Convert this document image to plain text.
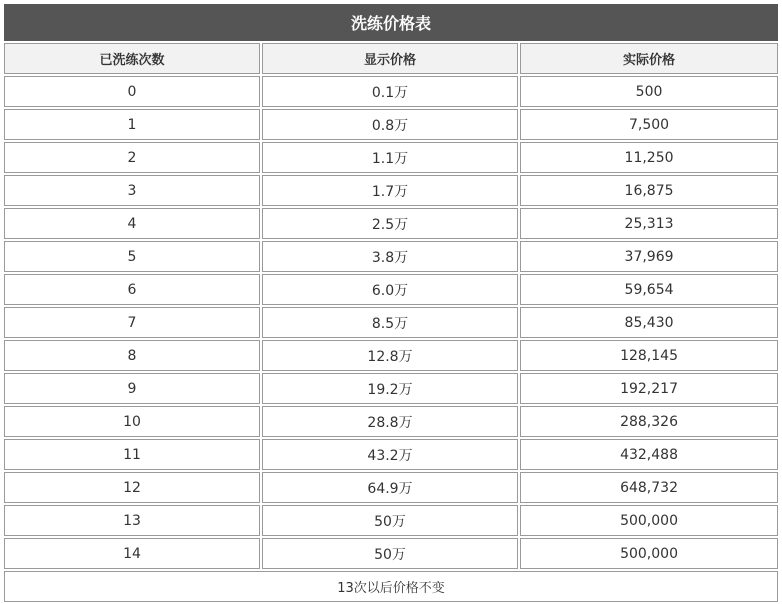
洗练价格表				

已洗练次数		显示价格		实际价格

0		0.1万		500

1		0.8万		7,500

2		1.1万		11,250

3		1.7万		16,875

4		2.5万		25,313

5		3.8万		37,969

6		6.0万		59,654

7		8.5万		85,430

8		12.8万		128,145

9		19.2万		192,217

10		28.8万		288,326

11		43.2万		432,488

12		64.9万		648,732

13		50万		500,000

14		50万		500,000

13次以后价格不变				
